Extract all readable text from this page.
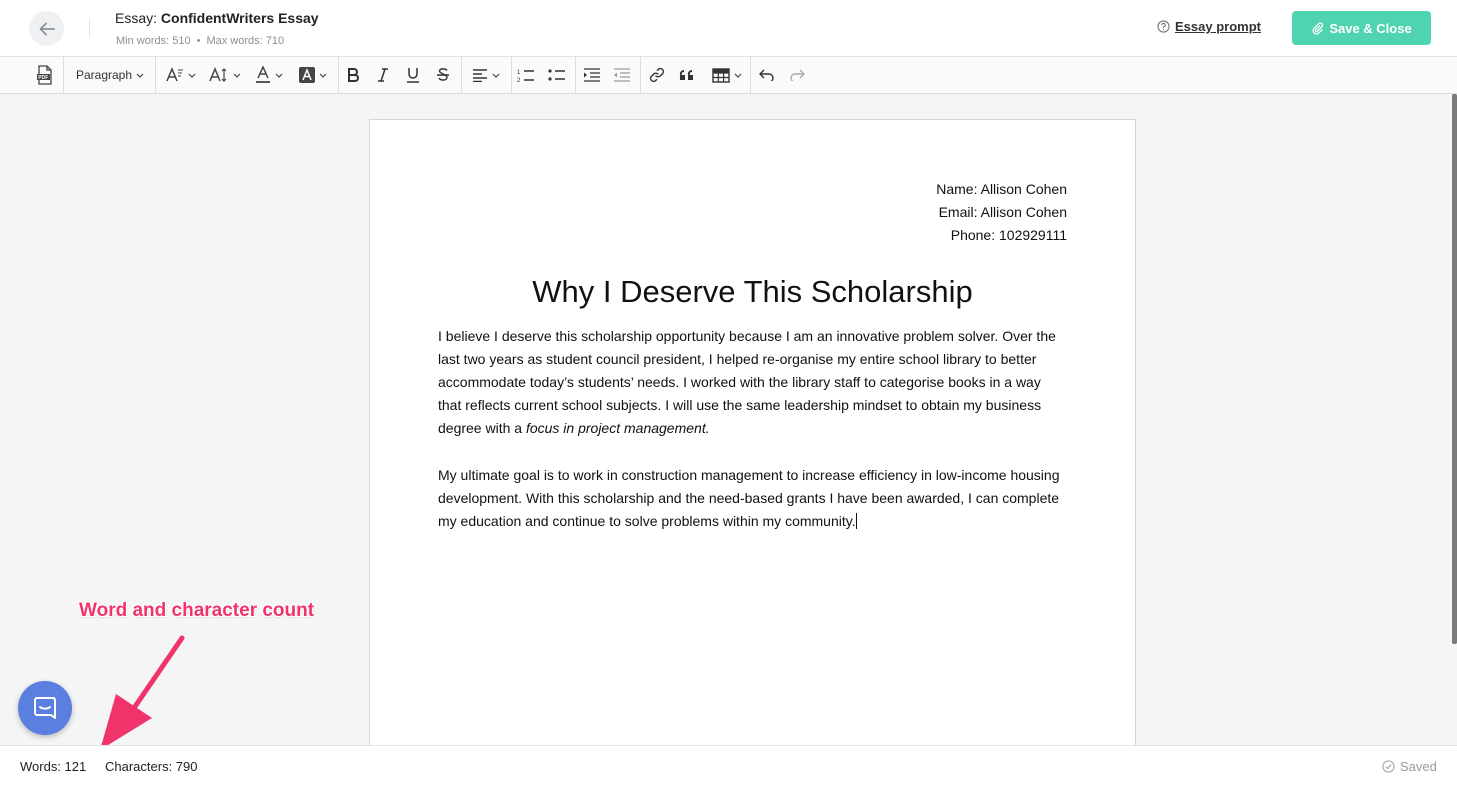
Essay: ConfidentWriters Essay
Min words: 510 • Max words: 710
Essay prompt	Save & Close
PDF Paragraph	1
2
Name: Allison Cohen
Email: Allison Cohen
Phone: 102929111
Why I Deserve This Scholarship
I believe I deserve this scholarship opportunity because I am an innovative problem solver. Over the last two years as student council president, I helped re-organise my entire school library to better accommodate today’s students’ needs. I worked with the library staff to categorise books in a way that reflects current school subjects. I will use the same leadership mindset to obtain my business degree with a focus in project management.
My ultimate goal is to work in construction management to increase efficiency in low-income housing development. With this scholarship and the need-based grants I have been awarded, I can complete my education and continue to solve problems within my community.
Word and character count
Words: 121 Characters: 790	Saved
